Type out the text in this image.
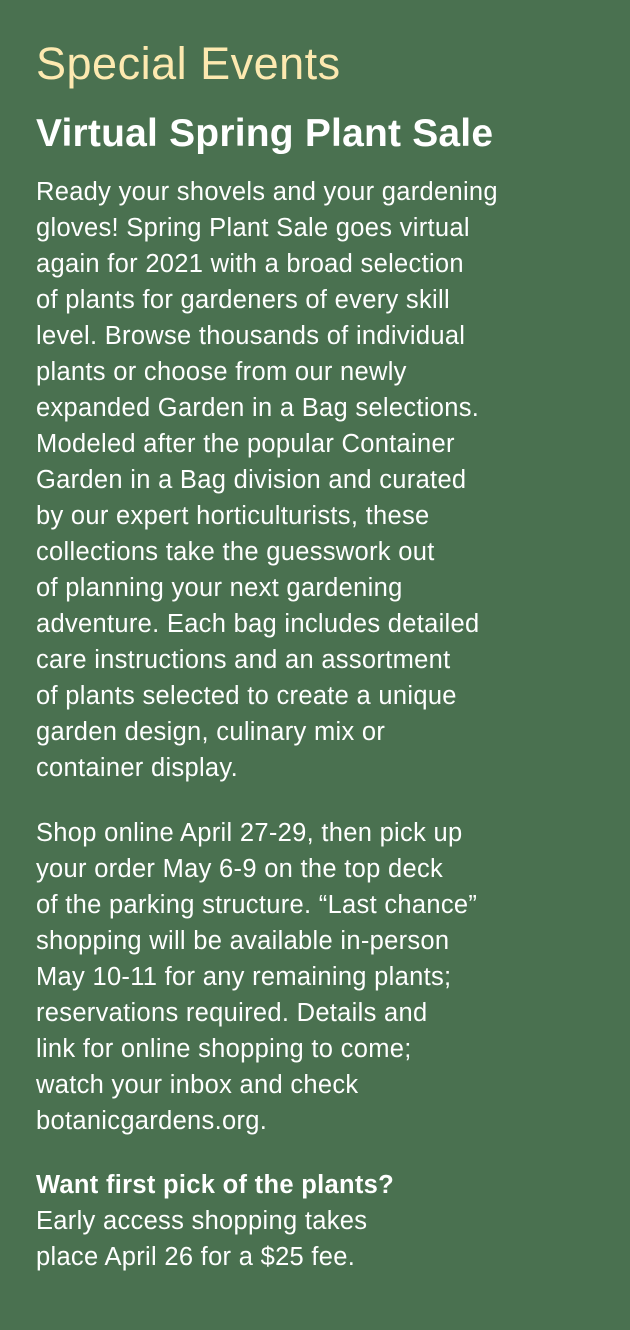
Special Events
Virtual Spring Plant Sale

Ready your shovels and your gardening
gloves! Spring Plant Sale goes virtual
again for 2021 with a broad selection
of plants for gardeners of every skill
level. Browse thousands of individual
plants or choose from our newly
expanded Garden in a Bag selections.
Modeled after the popular Container
Garden in a Bag division and curated
by our expert horticulturists, these
collections take the guesswork out
of planning your next gardening
adventure. Each bag includes detailed
care instructions and an assortment
of plants selected to create a unique
garden design, culinary mix or
container display.

Shop online April 27-29, then pick up
your order May 6-9 on the top deck
of the parking structure. “Last chance”
shopping will be available in-person
May 10-11 for any remaining plants;
reservations required. Details and
link for online shopping to come;
watch your inbox and check
botanicgardens.org.

Want first pick of the plants?
Early access shopping takes
place April 26 for a $25 fee.
